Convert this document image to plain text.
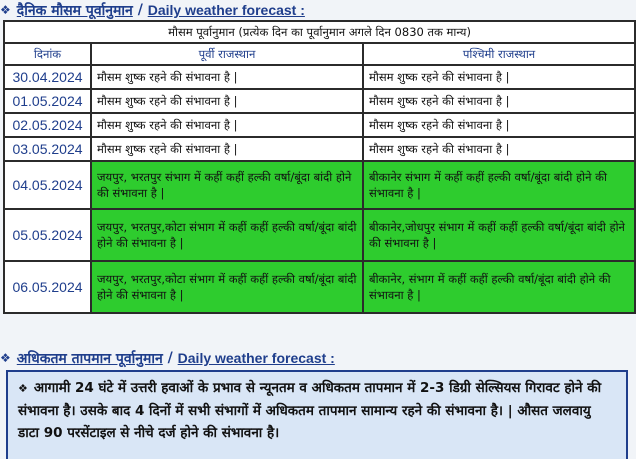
❖ दैनिक मौसम पूर्वानुमान / Daily weather forecast :
मौसम पूर्वानुमान (प्रत्येक दिन का पूर्वानुमान अगले दिन 0830 तक मान्य)		
दिनांक	पूर्वी राजस्थान	पश्चिमी राजस्थान
30.04.2024	मौसम शुष्क रहने की संभावना है |	मौसम शुष्क रहने की संभावना है |
01.05.2024	मौसम शुष्क रहने की संभावना है |	मौसम शुष्क रहने की संभावना है |
02.05.2024	मौसम शुष्क रहने की संभावना है |	मौसम शुष्क रहने की संभावना है |
03.05.2024	मौसम शुष्क रहने की संभावना है |	मौसम शुष्क रहने की संभावना है |
04.05.2024	जयपुर, भरतपुर संभाग में कहीं कहीं हल्की वर्षा/बूंदा बांदी होने की संभावना है |	बीकानेर संभाग में कहीं कहीं हल्की वर्षा/बूंदा बांदी होने की संभावना है |
05.05.2024	जयपुर, भरतपुर,कोटा संभाग में कहीं कहीं हल्की वर्षा/बूंदा बांदी होने की संभावना है |	बीकानेर,जोधपुर संभाग में कहीं कहीं हल्की वर्षा/बूंदा बांदी होने की संभावना है |
06.05.2024	जयपुर, भरतपुर,कोटा संभाग में कहीं कहीं हल्की वर्षा/बूंदा बांदी होने की संभावना है |	बीकानेर, संभाग में कहीं कहीं हल्की वर्षा/बूंदा बांदी होने की संभावना है |
❖ अधिकतम तापमान पूर्वानुमान / Daily weather forecast :
❖ आगामी 24 घंटे में उत्तरी हवाओं के प्रभाव से न्यूनतम व अधिकतम तापमान में 2-3 डिग्री सेल्सियस गिरावट होने की संभावना है। उसके बाद 4 दिनों में सभी संभागों में अधिकतम तापमान सामान्य रहने की संभावना है। | औसत जलवायु डाटा 90 परसेंटाइल से नीचे दर्ज होने की संभावना है।
